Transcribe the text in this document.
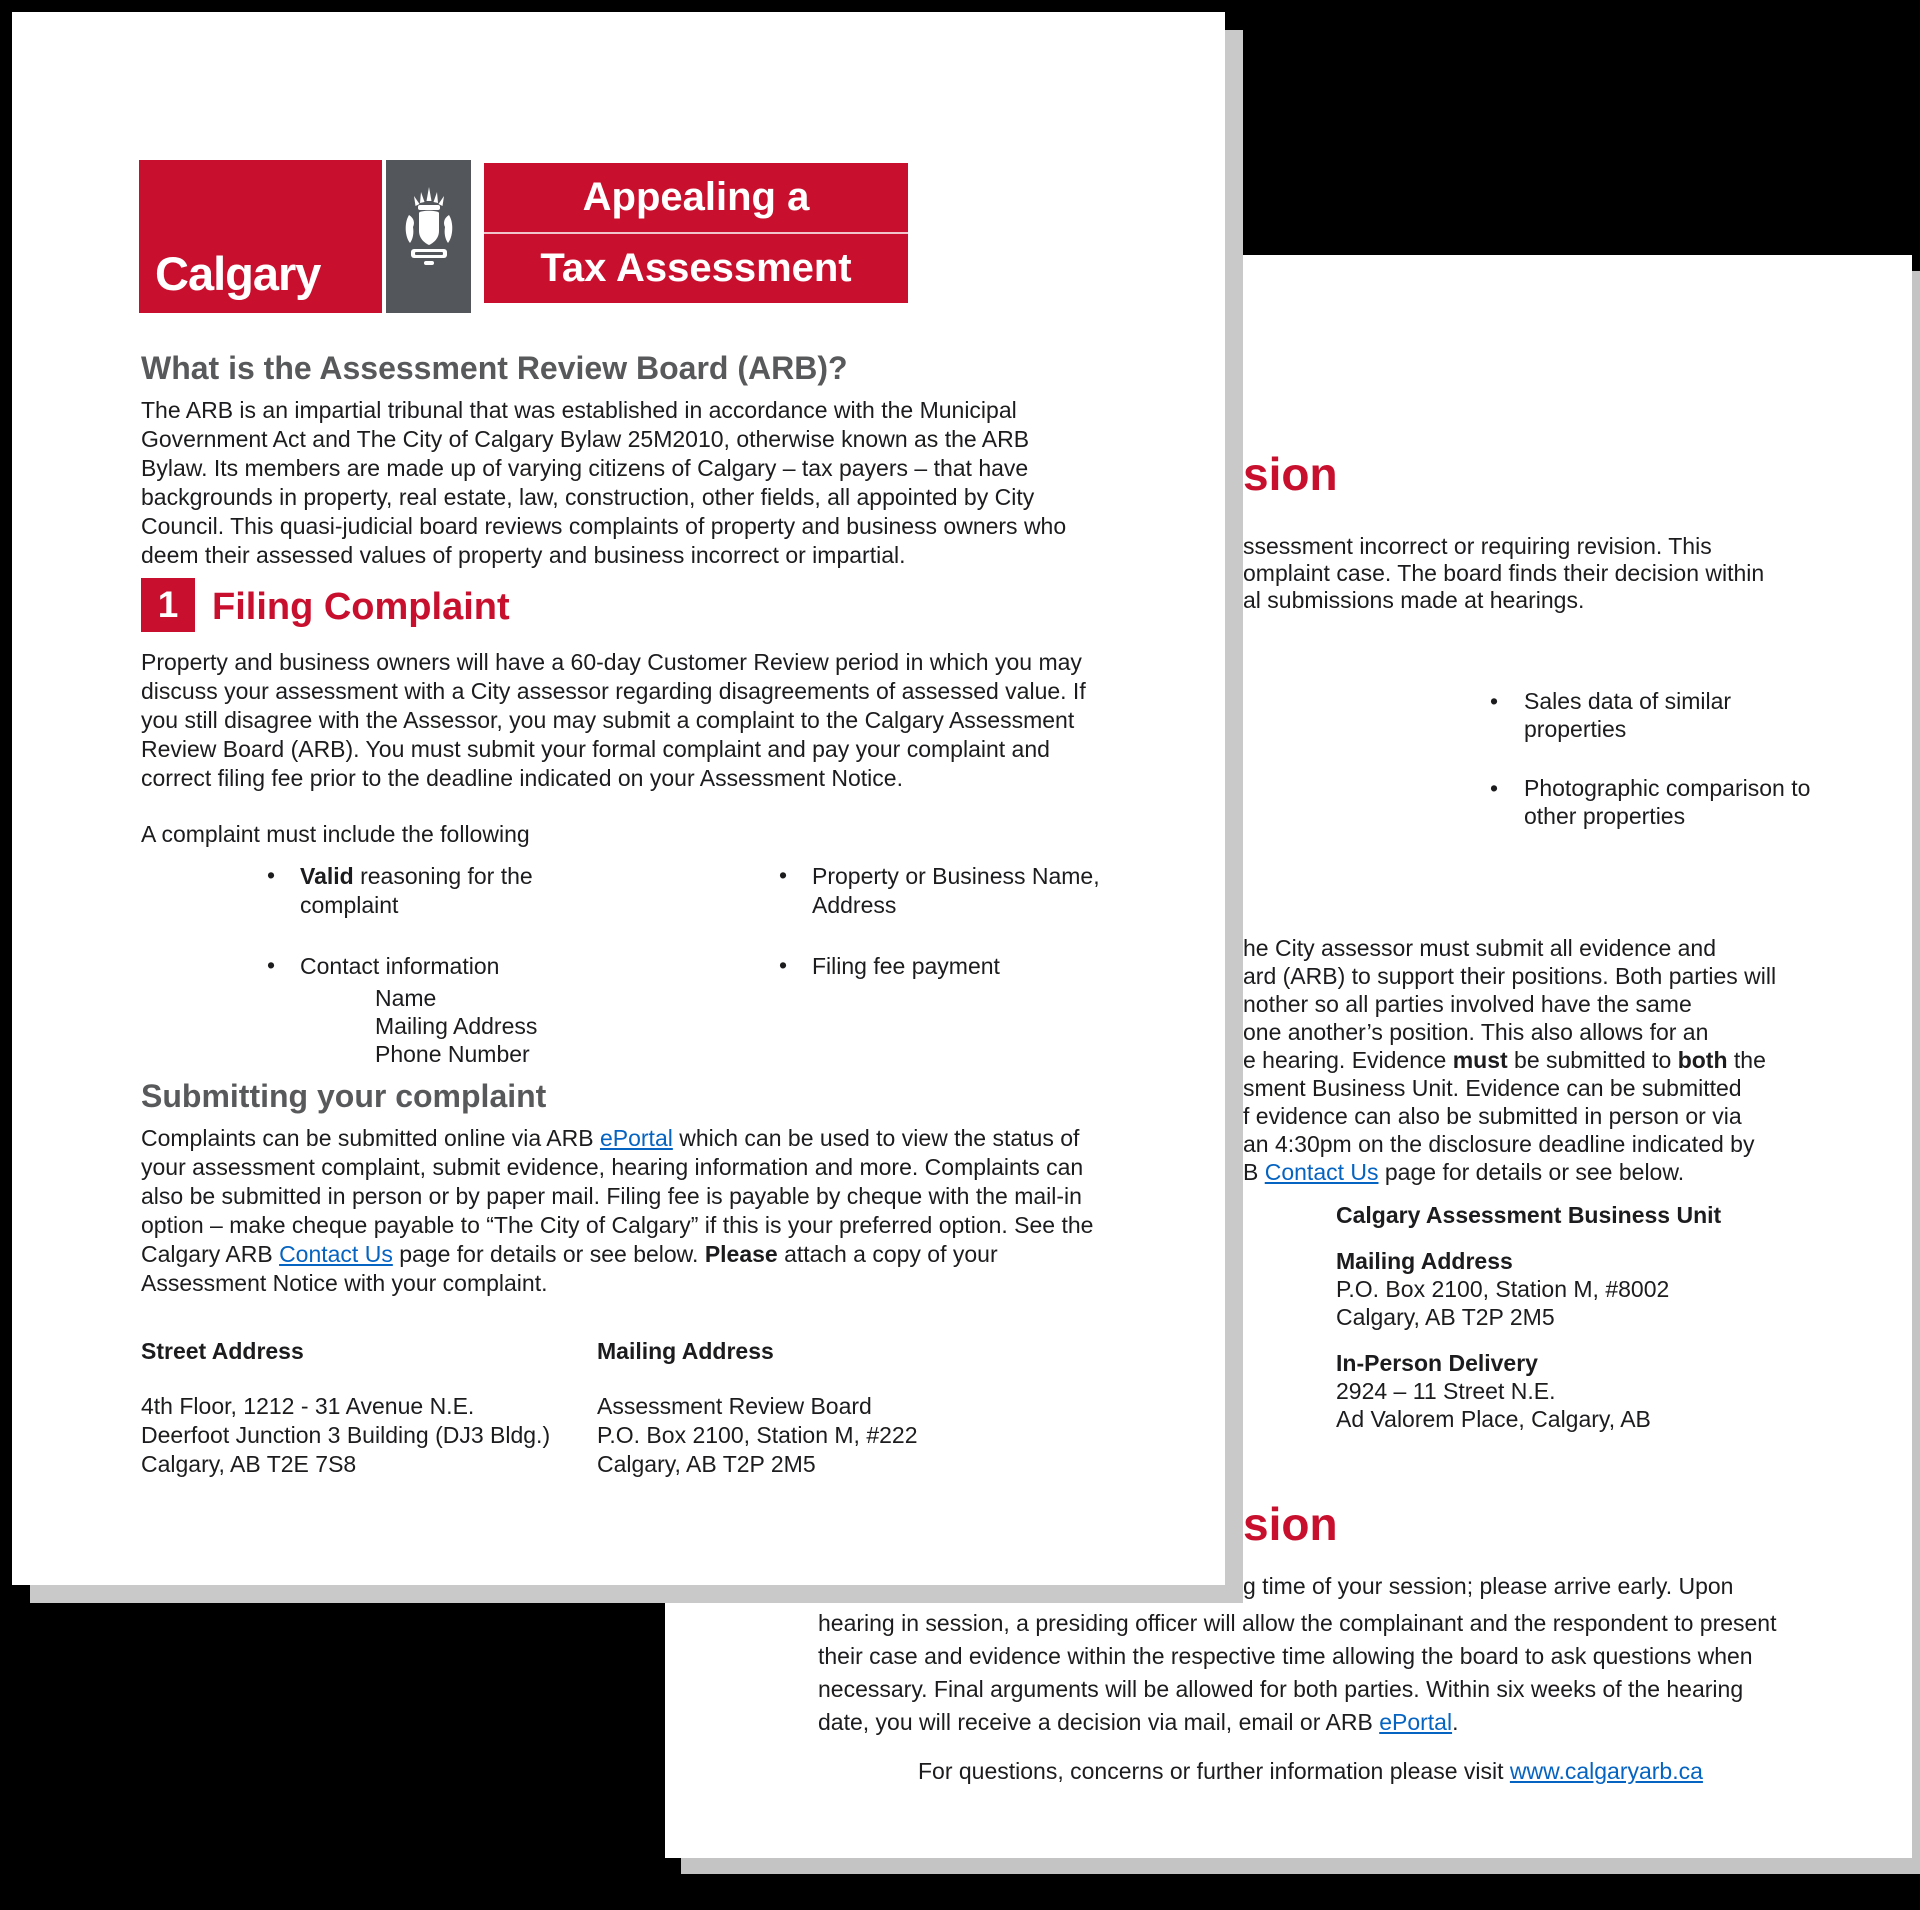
sion
ssessment incorrect or requiring revision. This
omplaint case. The board finds their decision within
al submissions made at hearings.
• Sales data of similar
properties
• Photographic comparison to
other properties
he City assessor must submit all evidence and
ard (ARB) to support their positions. Both parties will
nother so all parties involved have the same
one another’s position. This also allows for an
e hearing. Evidence must be submitted to both the
sment Business Unit. Evidence can be submitted
f evidence can also be submitted in person or via
an 4:30pm on the disclosure deadline indicated by
B Contact Us page for details or see below.
Calgary Assessment Business Unit
Mailing Address
P.O. Box 2100, Station M, #8002
Calgary, AB T2P 2M5
In-Person Delivery
2924 – 11 Street N.E.
Ad Valorem Place, Calgary, AB
sion
g time of your session; please arrive early. Upon
hearing in session, a presiding officer will allow the complainant and the respondent to present
their case and evidence within the respective time allowing the board to ask questions when
necessary. Final arguments will be allowed for both parties. Within six weeks of the hearing
date, you will receive a decision via mail, email or ARB ePortal.
For questions, concerns or further information please visit www.calgaryarb.ca
Calgary
Appealing a
Tax Assessment
What is the Assessment Review Board (ARB)?
The ARB is an impartial tribunal that was established in accordance with the Municipal Government Act and The City of Calgary Bylaw 25M2010, otherwise known as the ARB Bylaw. Its members are made up of varying citizens of Calgary – tax payers – that have backgrounds in property, real estate, law, construction, other fields, all appointed by City Council. This quasi-judicial board reviews complaints of property and business owners who deem their assessed values of property and business incorrect or impartial.
1 Filing Complaint
Property and business owners will have a 60-day Customer Review period in which you may discuss your assessment with a City assessor regarding disagreements of assessed value. If you still disagree with the Assessor, you may submit a complaint to the Calgary Assessment Review Board (ARB). You must submit your formal complaint and pay your complaint and correct filing fee prior to the deadline indicated on your Assessment Notice.
A complaint must include the following
• Valid reasoning for the complaint
• Contact information
Name
Mailing Address
Phone Number
• Property or Business Name, Address
• Filing fee payment
Submitting your complaint
Complaints can be submitted online via ARB ePortal which can be used to view the status of your assessment complaint, submit evidence, hearing information and more. Complaints can also be submitted in person or by paper mail. Filing fee is payable by cheque with the mail-in option – make cheque payable to “The City of Calgary” if this is your preferred option. See the Calgary ARB Contact Us page for details or see below. Please attach a copy of your Assessment Notice with your complaint.
Street Address	Mailing Address
4th Floor, 1212 - 31 Avenue N.E.
Deerfoot Junction 3 Building (DJ3 Bldg.)
Calgary, AB T2E 7S8
Assessment Review Board
P.O. Box 2100, Station M, #222
Calgary, AB T2P 2M5
